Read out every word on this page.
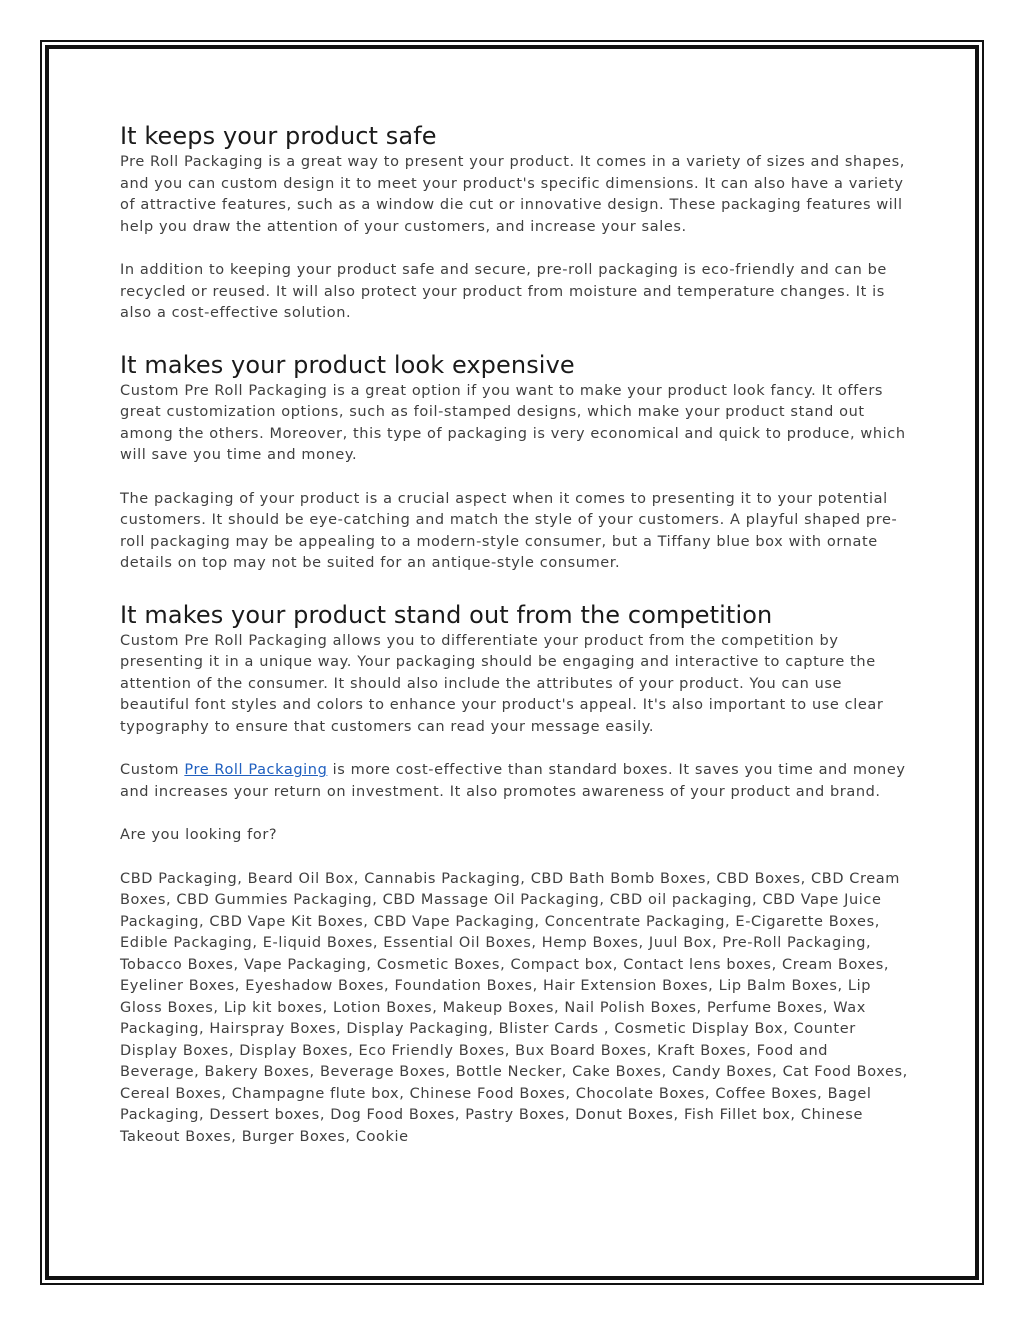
It keeps your product safe

Pre Roll Packaging is a great way to present your product. It comes in a variety of sizes and shapes, and you can custom design it to meet your product's specific dimensions. It can also have a variety of attractive features, such as a window die cut or innovative design. These packaging features will help you draw the attention of your customers, and increase your sales.

In addition to keeping your product safe and secure, pre-roll packaging is eco-friendly and can be recycled or reused. It will also protect your product from moisture and temperature changes. It is also a cost-effective solution.

It makes your product look expensive

Custom Pre Roll Packaging is a great option if you want to make your product look fancy. It offers great customization options, such as foil-stamped designs, which make your product stand out among the others. Moreover, this type of packaging is very economical and quick to produce, which will save you time and money.

The packaging of your product is a crucial aspect when it comes to presenting it to your potential customers. It should be eye-catching and match the style of your customers. A playful shaped pre-roll packaging may be appealing to a modern-style consumer, but a Tiffany blue box with ornate details on top may not be suited for an antique-style consumer.

It makes your product stand out from the competition

Custom Pre Roll Packaging allows you to differentiate your product from the competition by presenting it in a unique way. Your packaging should be engaging and interactive to capture the attention of the consumer. It should also include the attributes of your product. You can use beautiful font styles and colors to enhance your product's appeal. It's also important to use clear typography to ensure that customers can read your message easily.

Custom Pre Roll Packaging is more cost-effective than standard boxes. It saves you time and money and increases your return on investment. It also promotes awareness of your product and brand.

Are you looking for?

CBD Packaging, Beard Oil Box, Cannabis Packaging, CBD Bath Bomb Boxes, CBD Boxes, CBD Cream Boxes, CBD Gummies Packaging, CBD Massage Oil Packaging, CBD oil packaging, CBD Vape Juice Packaging, CBD Vape Kit Boxes, CBD Vape Packaging, Concentrate Packaging, E-Cigarette Boxes, Edible Packaging, E-liquid Boxes, Essential Oil Boxes, Hemp Boxes, Juul Box, Pre-Roll Packaging, Tobacco Boxes, Vape Packaging, Cosmetic Boxes, Compact box, Contact lens boxes, Cream Boxes, Eyeliner Boxes, Eyeshadow Boxes, Foundation Boxes, Hair Extension Boxes, Lip Balm Boxes, Lip Gloss Boxes, Lip kit boxes, Lotion Boxes, Makeup Boxes, Nail Polish Boxes, Perfume Boxes, Wax Packaging, Hairspray Boxes, Display Packaging, Blister Cards , Cosmetic Display Box, Counter Display Boxes, Display Boxes, Eco Friendly Boxes, Bux Board Boxes, Kraft Boxes, Food and Beverage, Bakery Boxes, Beverage Boxes, Bottle Necker, Cake Boxes, Candy Boxes, Cat Food Boxes, Cereal Boxes, Champagne flute box, Chinese Food Boxes, Chocolate Boxes, Coffee Boxes, Bagel Packaging, Dessert boxes, Dog Food Boxes, Pastry Boxes, Donut Boxes, Fish Fillet box, Chinese Takeout Boxes, Burger Boxes, Cookie
